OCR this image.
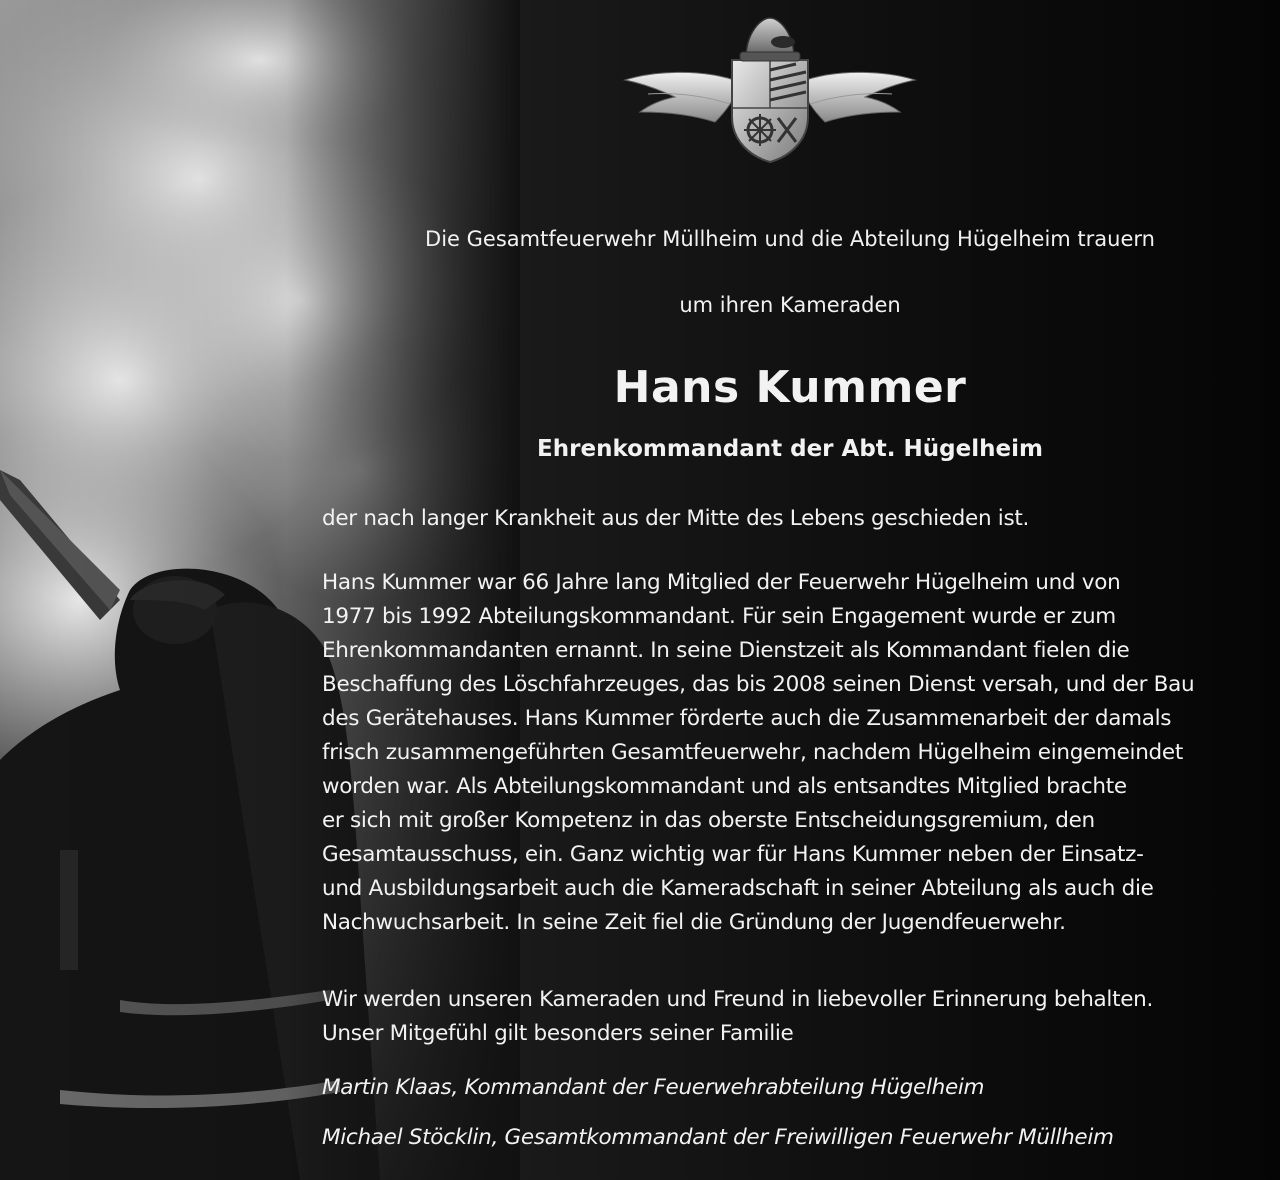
Die Gesamtfeuerwehr Müllheim und die Abteilung Hügelheim trauern

um ihren Kameraden

Hans Kummer
Ehrenkommandant der Abt. Hügelheim

der nach langer Krankheit aus der Mitte des Lebens geschieden ist.

Hans Kummer war 66 Jahre lang Mitglied der Feuerwehr Hügelheim und von
1977 bis 1992 Abteilungskommandant. Für sein Engagement wurde er zum
Ehrenkommandanten ernannt. In seine Dienstzeit als Kommandant fielen die
Beschaffung des Löschfahrzeuges, das bis 2008 seinen Dienst versah, und der Bau
des Gerätehauses. Hans Kummer förderte auch die Zusammenarbeit der damals
frisch zusammengeführten Gesamtfeuerwehr, nachdem Hügelheim eingemeindet
worden war. Als Abteilungskommandant und als entsandtes Mitglied brachte
er sich mit großer Kompetenz in das oberste Entscheidungsgremium, den
Gesamtausschuss, ein. Ganz wichtig war für Hans Kummer neben der Einsatz-
und Ausbildungsarbeit auch die Kameradschaft in seiner Abteilung als auch die
Nachwuchsarbeit. In seine Zeit fiel die Gründung der Jugendfeuerwehr.
Wir werden unseren Kameraden und Freund in liebevoller Erinnerung behalten.
Unser Mitgefühl gilt besonders seiner Familie

Martin Klaas, Kommandant der Feuerwehrabteilung Hügelheim

Michael Stöcklin, Gesamtkommandant der Freiwilligen Feuerwehr Müllheim
